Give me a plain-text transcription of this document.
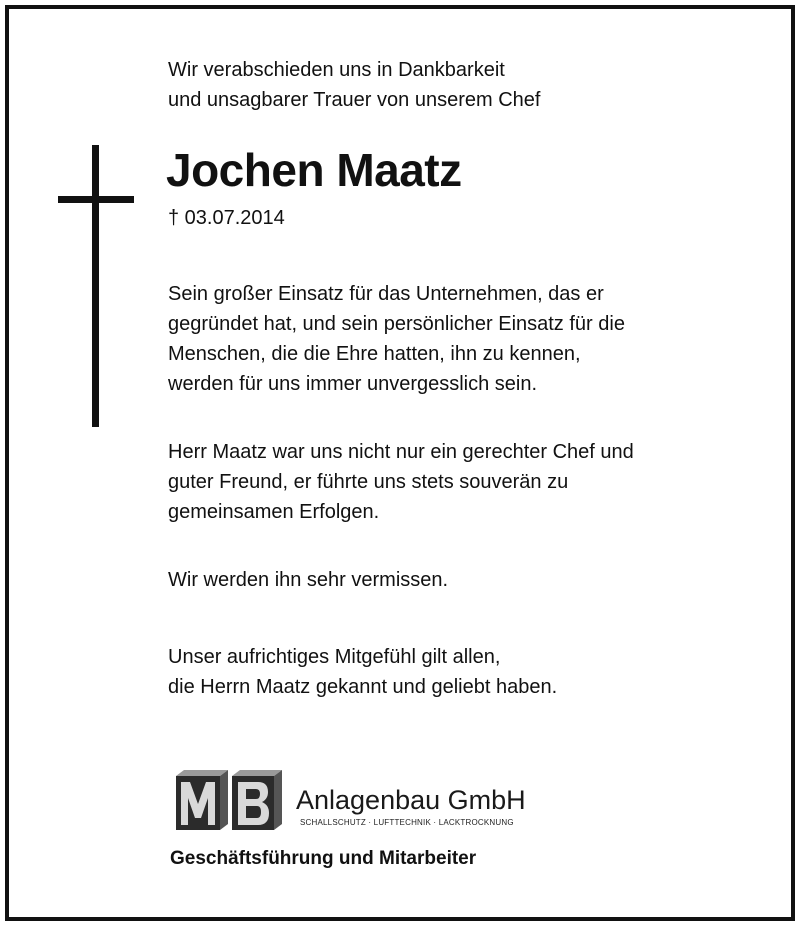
Wir verabschieden uns in Dankbarkeit
und unsagbarer Trauer von unserem Chef

Jochen Maatz

† 03.07.2014

Sein großer Einsatz für das Unternehmen, das er
gegründet hat, und sein persönlicher Einsatz für die
Menschen, die die Ehre hatten, ihn zu kennen,
werden für uns immer unvergesslich sein.

Herr Maatz war uns nicht nur ein gerechter Chef und
guter Freund, er führte uns stets souverän zu
gemeinsamen Erfolgen.

Wir werden ihn sehr vermissen.

Unser aufrichtiges Mitgefühl gilt allen,
die Herrn Maatz gekannt und geliebt haben.

Anlagenbau GmbH
SCHALLSCHUTZ · LUFTTECHNIK · LACKTROCKNUNG

Geschäftsführung und Mitarbeiter
